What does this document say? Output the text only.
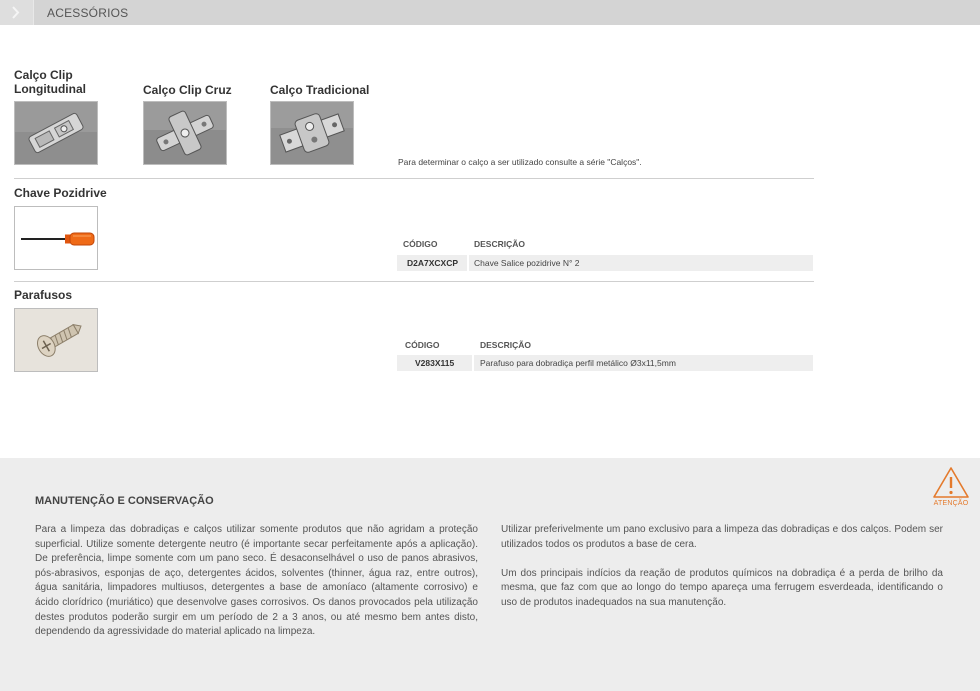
ACESSÓRIOS
Calço Clip
Longitudinal	Calço Clip Cruz	Calço Tradicional
Para determinar o calço a ser utilizado consulte a série "Calços".
Chave Pozidrive
CÓDIGO	DESCRIÇÃO
D2A7XCXCP Chave Salice pozidrive N° 2
Parafusos
CÓDIGO	DESCRIÇÃO
V283X115	Parafuso para dobradiça perfil metálico Ø3x11,5mm
ATENÇÃO
MANUTENÇÃO E CONSERVAÇÃO

Para a limpeza das dobradiças e calços utilizar somente produtos que não agridam a proteção superficial. Utilize somente detergente neutro (é importante secar perfeitamente após a aplicação). De preferência, limpe somente com um pano seco. É desaconselhável o uso de panos abrasivos, pós-abrasivos, esponjas de aço, detergentes ácidos, solventes (thinner, água raz, entre outros), água sanitária, limpadores multiusos, detergentes a base de amoníaco (altamente corrosivo) e ácido clorídrico (muriático) que desenvolve gases corrosivos. Os danos provocados pela utilização destes produtos poderão surgir em um período de 2 a 3 anos, ou até mesmo bem antes disto, dependendo da agressividade do material aplicado na limpeza.

Utilizar preferivelmente um pano exclusivo para a limpeza das dobradiças e dos calços. Podem ser utilizados todos os produtos a base de cera.

Um dos principais indícios da reação de produtos químicos na dobradiça é a perda de brilho da mesma, que faz com que ao longo do tempo apareça uma ferrugem esverdeada, identificando o uso de produtos inadequados na sua manutenção.
